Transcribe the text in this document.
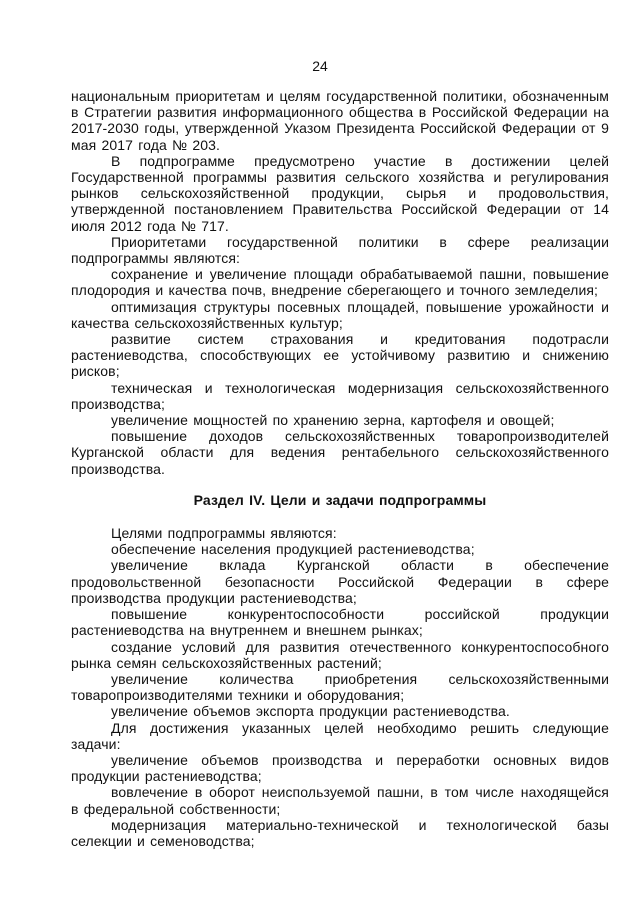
24

национальным приоритетам и целям государственной политики, обозначенным в Стратегии развития информационного общества в Российской Федерации на 2017-2030 годы, утвержденной Указом Президента Российской Федерации от 9 мая 2017 года № 203.

В подпрограмме предусмотрено участие в достижении целей Государственной программы развития сельского хозяйства и регулирования рынков сельскохозяйственной продукции, сырья и продовольствия, утвержденной постановлением Правительства Российской Федерации от 14 июля 2012 года № 717.

Приоритетами государственной политики в сфере реализации подпрограммы являются:

сохранение и увеличение площади обрабатываемой пашни, повышение плодородия и качества почв, внедрение сберегающего и точного земледелия;

оптимизация структуры посевных площадей, повышение урожайности и качества сельскохозяйственных культур;

развитие систем страхования и кредитования подотрасли растениеводства, способствующих ее устойчивому развитию и снижению рисков;

техническая и технологическая модернизация сельскохозяйственного производства;

увеличение мощностей по хранению зерна, картофеля и овощей;

повышение доходов сельскохозяйственных товаропроизводителей Курганской области для ведения рентабельного сельскохозяйственного производства.

Раздел IV. Цели и задачи подпрограммы

Целями подпрограммы являются:

обеспечение населения продукцией растениеводства;

увеличение вклада Курганской области в обеспечение продовольственной безопасности Российской Федерации в сфере производства продукции растениеводства;

повышение конкурентоспособности российской продукции растениеводства на внутреннем и внешнем рынках;

создание условий для развития отечественного конкурентоспособного рынка семян сельскохозяйственных растений;

увеличение количества приобретения сельскохозяйственными товаропроизводителями техники и оборудования;

увеличение объемов экспорта продукции растениеводства.

Для достижения указанных целей необходимо решить следующие задачи:

увеличение объемов производства и переработки основных видов продукции растениеводства;

вовлечение в оборот неиспользуемой пашни, в том числе находящейся в федеральной собственности;

модернизация материально-технической и технологической базы селекции и семеноводства;
